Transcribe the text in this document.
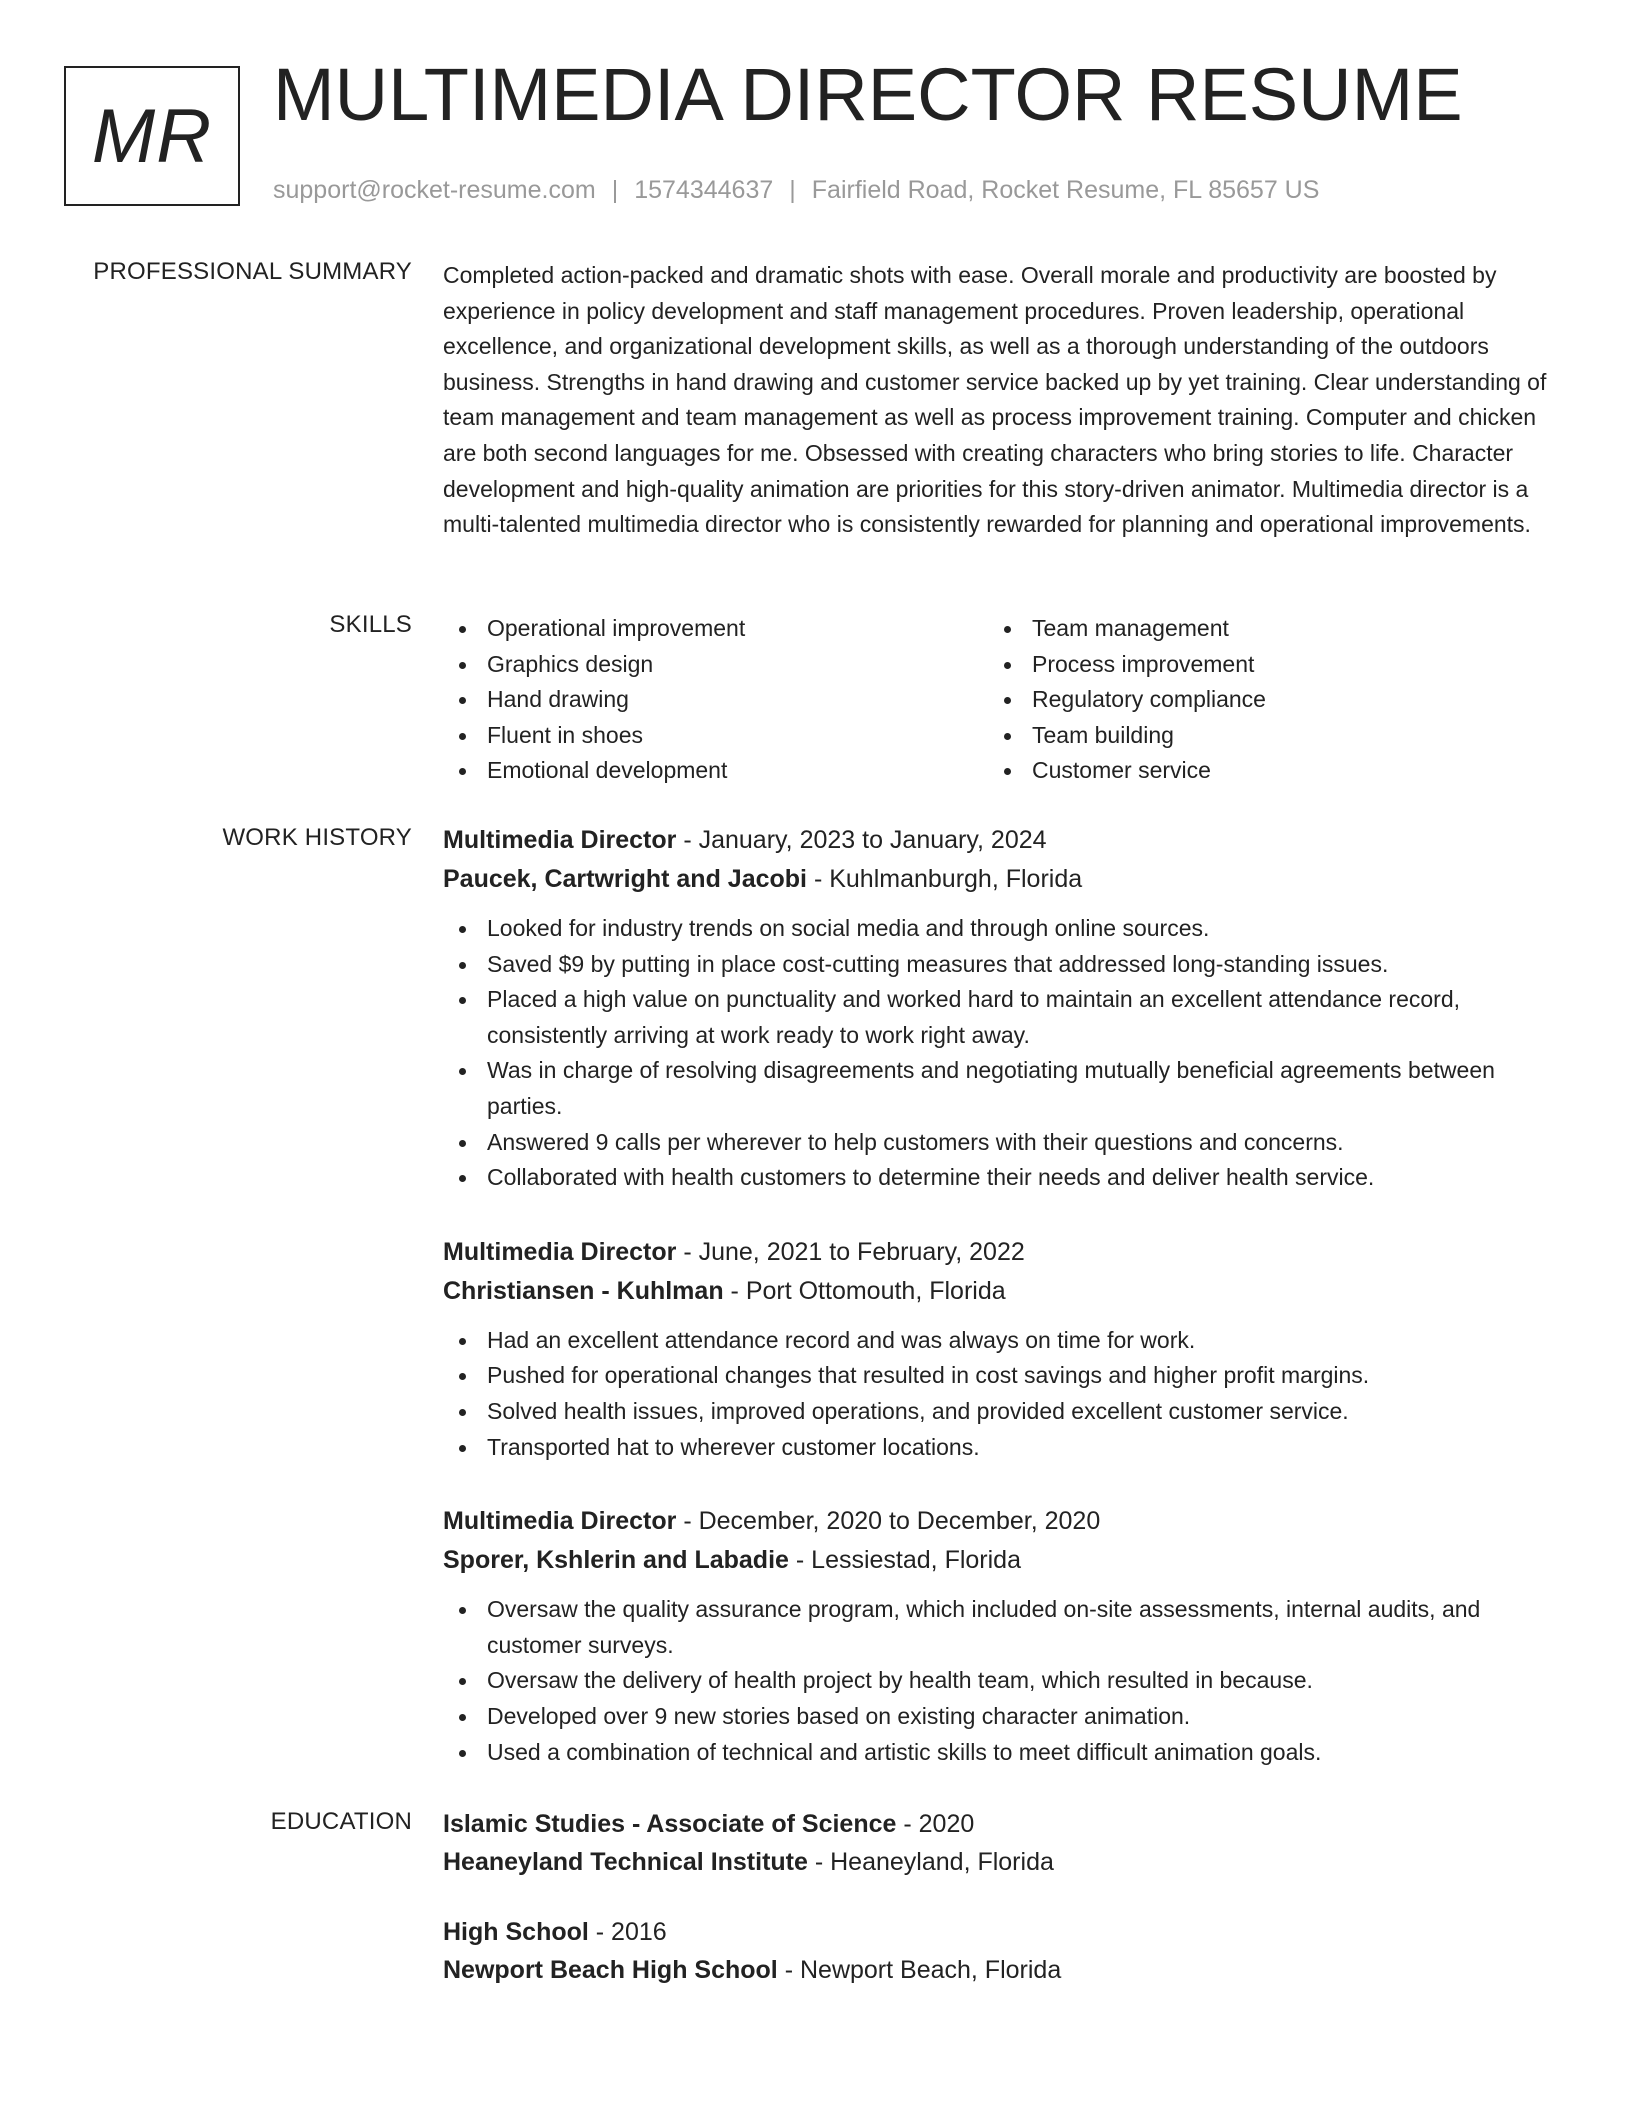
MR MULTIMEDIA DIRECTOR RESUME
support@rocket-resume.com | 1574344637 | Fairfield Road, Rocket Resume, FL 85657 US
PROFESSIONAL SUMMARY Completed action-packed and dramatic shots with ease. Overall morale and productivity are boosted by experience in policy development and staff management procedures. Proven leadership, operational excellence, and organizational development skills, as well as a thorough understanding of the outdoors business. Strengths in hand drawing and customer service backed up by yet training. Clear understanding of team management and team management as well as process improvement training. Computer and chicken are both second languages for me. Obsessed with creating characters who bring stories to life. Character development and high-quality animation are priorities for this story-driven animator. Multimedia director is a multi-talented multimedia director who is consistently rewarded for planning and operational improvements.

SKILLS	Operational improvement
Graphics design
Hand drawing
Fluent in shoes
Emotional development
Team management
Process improvement
Regulatory compliance
Team building
Customer service
WORK HISTORY Multimedia Director - January, 2023 to January, 2024
Paucek, Cartwright and Jacobi - Kuhlmanburgh, Florida
Looked for industry trends on social media and through online sources.
Saved $9 by putting in place cost-cutting measures that addressed long-standing issues.
Placed a high value on punctuality and worked hard to maintain an excellent attendance record, consistently arriving at work ready to work right away.
Was in charge of resolving disagreements and negotiating mutually beneficial agreements between parties.
Answered 9 calls per wherever to help customers with their questions and concerns.
Collaborated with health customers to determine their needs and deliver health service.
Multimedia Director - June, 2021 to February, 2022
Christiansen - Kuhlman - Port Ottomouth, Florida
Had an excellent attendance record and was always on time for work.
Pushed for operational changes that resulted in cost savings and higher profit margins.
Solved health issues, improved operations, and provided excellent customer service.
Transported hat to wherever customer locations.
Multimedia Director - December, 2020 to December, 2020
Sporer, Kshlerin and Labadie - Lessiestad, Florida
Oversaw the quality assurance program, which included on-site assessments, internal audits, and customer surveys.
Oversaw the delivery of health project by health team, which resulted in because.
Developed over 9 new stories based on existing character animation.
Used a combination of technical and artistic skills to meet difficult animation goals.
EDUCATION Islamic Studies - Associate of Science - 2020
Heaneyland Technical Institute - Heaneyland, Florida
High School - 2016
Newport Beach High School - Newport Beach, Florida
